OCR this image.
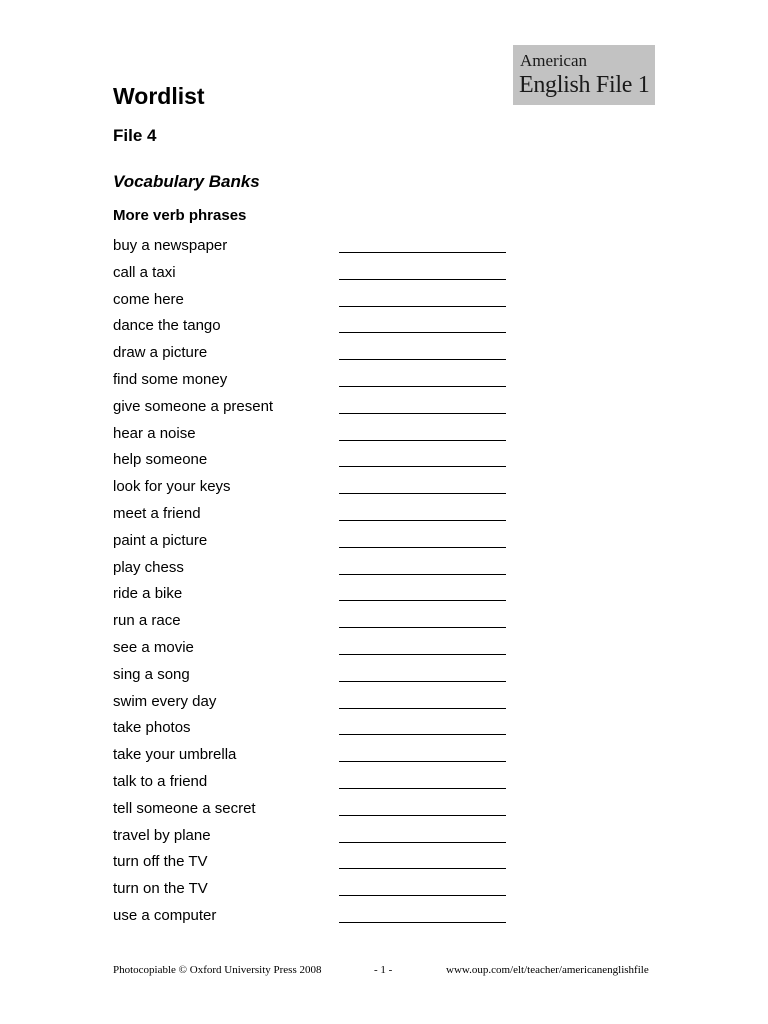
American
English File 1
Wordlist
File 4
Vocabulary Banks
More verb phrases
buy a newspaper
call a taxi
come here
dance the tango
draw a picture
find some money
give someone a present
hear a noise
help someone
look for your keys
meet a friend
paint a picture
play chess
ride a bike
run a race
see a movie
sing a song
swim every day
take photos
take your umbrella
talk to a friend
tell someone a secret
travel by plane
turn off the TV
turn on the TV
use a computer
Photocopiable © Oxford University Press 2008	- 1 -	www.oup.com/elt/teacher/americanenglishfile
